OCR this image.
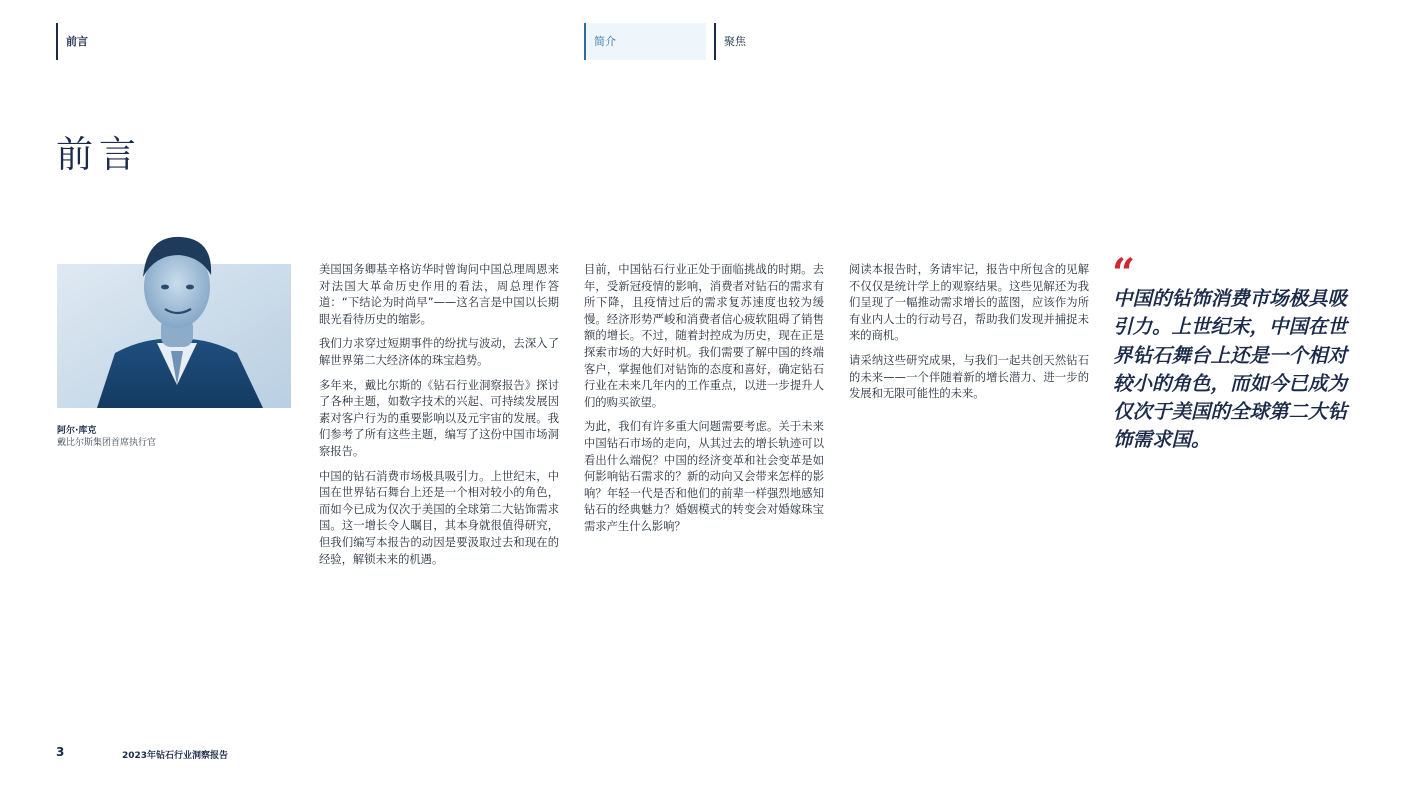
前言	简介	聚焦
前言
阿尔·库克
戴比尔斯集团首席执行官

美国国务卿基辛格访华时曾询问中国总理周恩来对法国大革命历史作用的看法，周总理作答道：“下结论为时尚早”——这名言是中国以长期眼光看待历史的缩影。

我们力求穿过短期事件的纷扰与波动，去深入了解世界第二大经济体的珠宝趋势。

多年来，戴比尔斯的《钻石行业洞察报告》探讨了各种主题，如数字技术的兴起、可持续发展因素对客户行为的重要影响以及元宇宙的发展。我们参考了所有这些主题，编写了这份中国市场洞察报告。

中国的钻石消费市场极具吸引力。上世纪末，中国在世界钻石舞台上还是一个相对较小的角色，而如今已成为仅次于美国的全球第二大钻饰需求国。这一增长令人瞩目，其本身就很值得研究，但我们编写本报告的动因是要汲取过去和现在的经验，解锁未来的机遇。

目前，中国钻石行业正处于面临挑战的时期。去年，受新冠疫情的影响，消费者对钻石的需求有所下降，且疫情过后的需求复苏速度也较为缓慢。经济形势严峻和消费者信心疲软阻碍了销售额的增长。不过，随着封控成为历史，现在正是探索市场的大好时机。我们需要了解中国的终端客户，掌握他们对钻饰的态度和喜好，确定钻石行业在未来几年内的工作重点，以进一步提升人们的购买欲望。

为此，我们有许多重大问题需要考虑。关于未来中国钻石市场的走向，从其过去的增长轨迹可以看出什么端倪？中国的经济变革和社会变革是如何影响钻石需求的？新的动向又会带来怎样的影响？年轻一代是否和他们的前辈一样强烈地感知钻石的经典魅力？婚姻模式的转变会对婚嫁珠宝需求产生什么影响？

阅读本报告时，务请牢记，报告中所包含的见解不仅仅是统计学上的观察结果。这些见解还为我们呈现了一幅推动需求增长的蓝图，应该作为所有业内人士的行动号召，帮助我们发现并捕捉未来的商机。

请采纳这些研究成果，与我们一起共创天然钻石的未来——一个伴随着新的增长潜力、进一步的发展和无限可能性的未来。

“

中国的钻饰消费市场极具吸引力。上世纪末，中国在世界钻石舞台上还是一个相对较小的角色，而如今已成为仅次于美国的全球第二大钻饰需求国。

3	2023年钻石行业洞察报告
